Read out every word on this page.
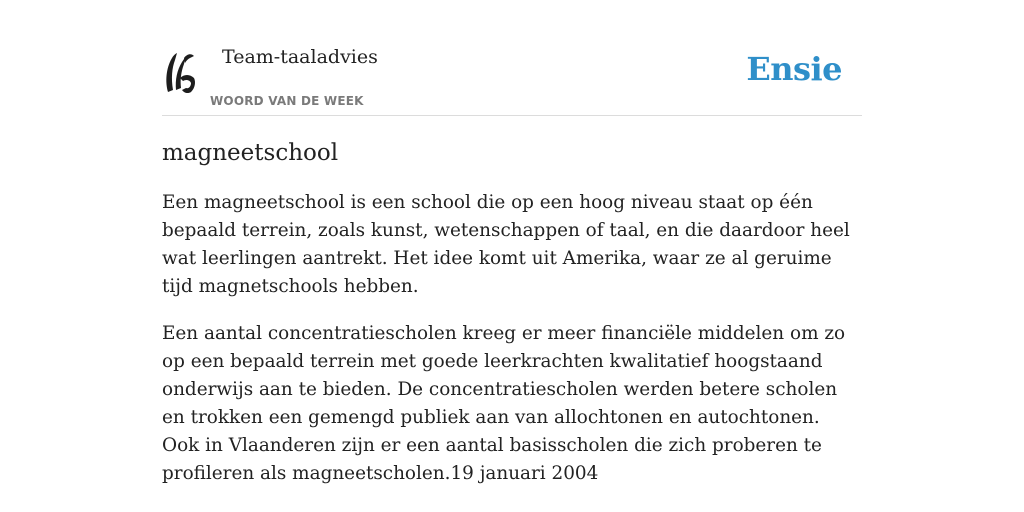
Team-taaladvies
WOORD VAN DE WEEK
Ensie
magneetschool

Een magneetschool is een school die op een hoog niveau staat op één bepaald terrein, zoals kunst, wetenschappen of taal, en die daardoor heel wat leerlingen aantrekt. Het idee komt uit Amerika, waar ze al geruime tijd magnetschools hebben.

Een aantal concentratiescholen kreeg er meer financiële middelen om zo op een bepaald terrein met goede leerkrachten kwalitatief hoogstaand onderwijs aan te bieden. De concentratiescholen werden betere scholen en trokken een gemengd publiek aan van allochtonen en autochtonen. Ook in Vlaanderen zijn er een aantal basisscholen die zich proberen te profileren als magneetscholen.19 januari 2004
